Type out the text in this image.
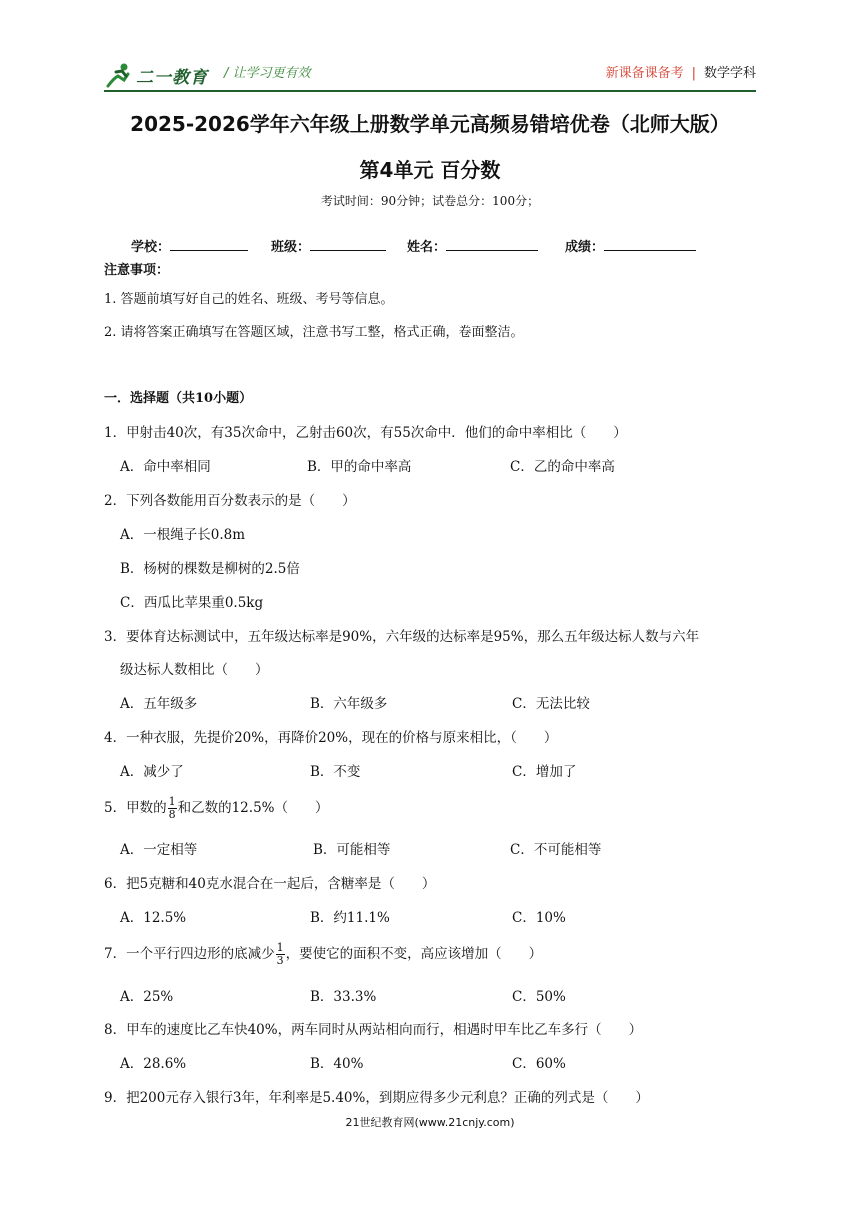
二一教育 / 让学习更有效	新课备课备考 | 数学学科
2025-2026学年六年级上册数学单元高频易错培优卷（北师大版）
第4单元 百分数
考试时间：90分钟；试卷总分：100分；
学校：	班级：	姓名：	成绩：
注意事项：
1. 答题前填写好自己的姓名、班级、考号等信息。
2. 请将答案正确填写在答题区域，注意书写工整，格式正确，卷面整洁。
一．选择题（共10小题）
1．甲射击40次，有35次命中，乙射击60次，有55次命中．他们的命中率相比（　　）
A．命中率相同	B．甲的命中率高	C．乙的命中率高
2．下列各数能用百分数表示的是（　　）
A．一根绳子长0.8m
B．杨树的棵数是柳树的2.5倍
C．西瓜比苹果重0.5kg
3．要体育达标测试中，五年级达标率是90%，六年级的达标率是95%，那么五年级达标人数与六年
级达标人数相比（　　）
A．五年级多	B．六年级多	C．无法比较
4．一种衣服，先提价20%，再降价20%，现在的价格与原来相比，（　　）
A．减少了	B．不变	C．增加了
5．甲数的 $\frac{1}{8}$ 和乙数的12.5%（　　）
A．一定相等	B．可能相等	C．不可能相等
6．把5克糖和40克水混合在一起后，含糖率是（　　）
A．12.5%	B．约11.1%	C．10%
7．一个平行四边形的底减少 $\frac{1}{3}$ ，要使它的面积不变，高应该增加（　　）
A．25%	B．33.3%	C．50%
8．甲车的速度比乙车快40%，两车同时从两站相向而行，相遇时甲车比乙车多行（　　）
A．28.6%	B．40%	C．60%
9．把200元存入银行3年，年利率是5.40%，到期应得多少元利息？正确的列式是（　　）
21世纪教育网(www.21cnjy.com)
